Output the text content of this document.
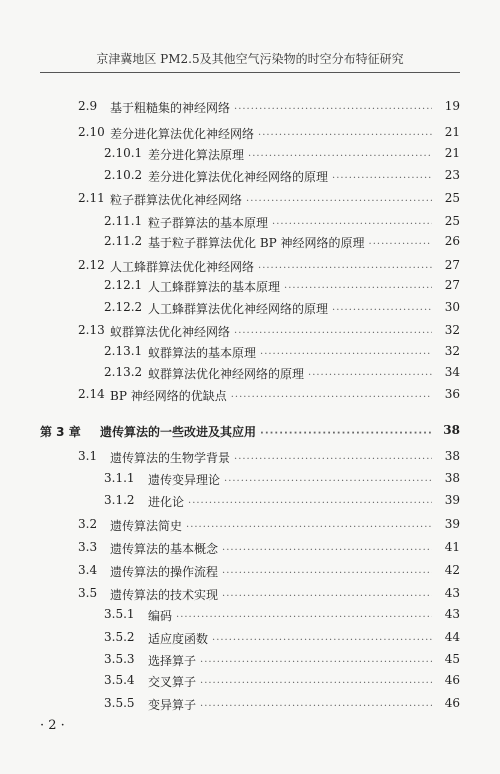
京津冀地区 PM2.5及其他空气污染物的时空分布特征研究
2.9 基于粗糙集的神经网络 ·····	19
2.10 差分进化算法优化神经网络 ·····	21
2.10.1 差分进化算法原理 ·····	21
2.10.2 差分进化算法优化神经网络的原理 ·····	23
2.11 粒子群算法优化神经网络 ·····	25
2.11.1 粒子群算法的基本原理 ·····	25
2.11.2 基于粒子群算法优化 BP 神经网络的原理 ·····	26
2.12 人工蜂群算法优化神经网络 ·····	27
2.12.1 人工蜂群算法的基本原理 ·····	27
2.12.2 人工蜂群算法优化神经网络的原理 ·····	30
2.13 蚁群算法优化神经网络 ·····	32
2.13.1 蚁群算法的基本原理 ·····	32
2.13.2 蚁群算法优化神经网络的原理 ·····	34
2.14 BP 神经网络的优缺点 ·····	36
第 3 章 遗传算法的一些改进及其应用 ·····	38
3.1 遗传算法的生物学背景 ·····	38
3.1.1 遗传变异理论 ·····	38
3.1.2 进化论 ·····	39
3.2 遗传算法简史 ·····	39
3.3 遗传算法的基本概念 ·····	41
3.4 遗传算法的操作流程 ·····	42
3.5 遗传算法的技术实现 ·····	43
3.5.1 编码 ·····	43
3.5.2 适应度函数 ·····	44
3.5.3 选择算子 ·····	45
3.5.4 交叉算子 ·····	46
3.5.5 变异算子 ·····	46
· 2 ·
